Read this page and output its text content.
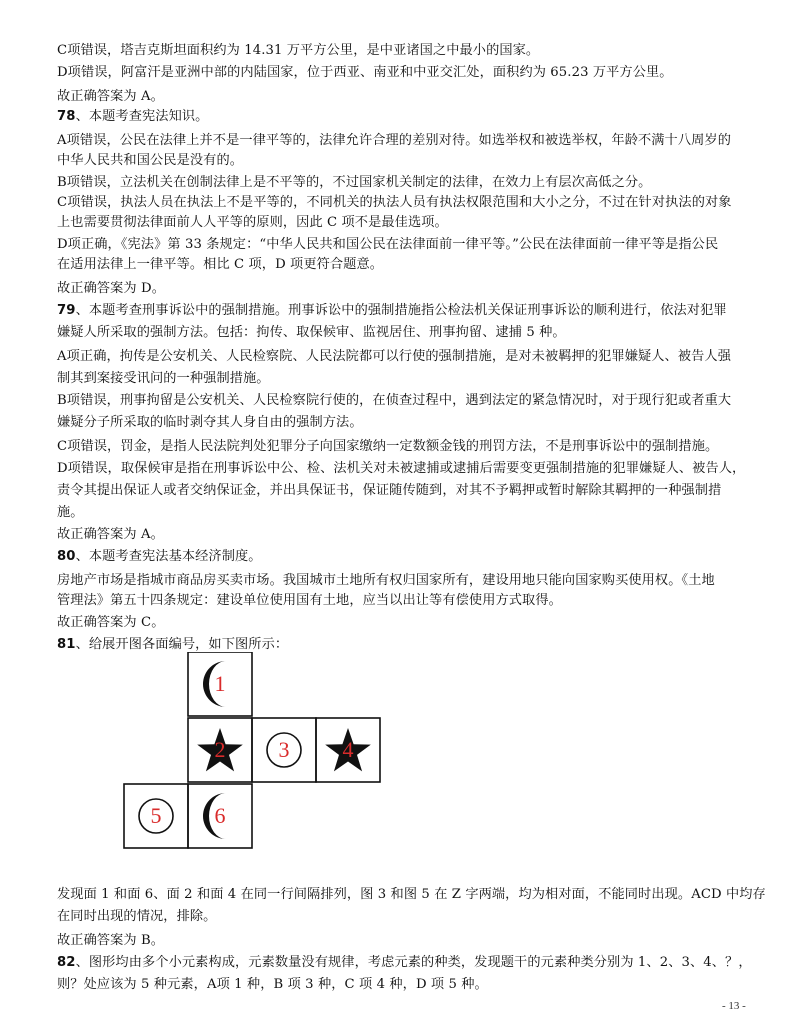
C项错误，塔吉克斯坦面积约为 14.31 万平方公里，是中亚诸国之中最小的国家。
D项错误，阿富汗是亚洲中部的内陆国家，位于西亚、南亚和中亚交汇处，面积约为 65.23 万平方公里。
故正确答案为 A。
78、本题考查宪法知识。
A项错误，公民在法律上并不是一律平等的，法律允许合理的差别对待。如选举权和被选举权，年龄不满十八周岁的
中华人民共和国公民是没有的。
B项错误，立法机关在创制法律上是不平等的，不过国家机关制定的法律，在效力上有层次高低之分。
C项错误，执法人员在执法上不是平等的，不同机关的执法人员有执法权限范围和大小之分，不过在针对执法的对象
上也需要贯彻法律面前人人平等的原则，因此 C 项不是最佳选项。
D项正确，《宪法》第 33 条规定：“中华人民共和国公民在法律面前一律平等。”公民在法律面前一律平等是指公民
在适用法律上一律平等。相比 C 项，D 项更符合题意。
故正确答案为 D。
79、本题考查刑事诉讼中的强制措施。刑事诉讼中的强制措施指公检法机关保证刑事诉讼的顺利进行，依法对犯罪
嫌疑人所采取的强制方法。包括：拘传、取保候审、监视居住、刑事拘留、逮捕 5 种。
A项正确，拘传是公安机关、人民检察院、人民法院都可以行使的强制措施，是对未被羁押的犯罪嫌疑人、被告人强
制其到案接受讯问的一种强制措施。
B项错误，刑事拘留是公安机关、人民检察院行使的，在侦查过程中，遇到法定的紧急情况时，对于现行犯或者重大
嫌疑分子所采取的临时剥夺其人身自由的强制方法。
C项错误，罚金，是指人民法院判处犯罪分子向国家缴纳一定数额金钱的刑罚方法，不是刑事诉讼中的强制措施。
D项错误，取保候审是指在刑事诉讼中公、检、法机关对未被逮捕或逮捕后需要变更强制措施的犯罪嫌疑人、被告人，
责令其提出保证人或者交纳保证金，并出具保证书，保证随传随到，对其不予羁押或暂时解除其羁押的一种强制措
施。
故正确答案为 A。
80、本题考查宪法基本经济制度。
房地产市场是指城市商品房买卖市场。我国城市土地所有权归国家所有，建设用地只能向国家购买使用权。《土地
管理法》第五十四条规定：建设单位使用国有土地，应当以出让等有偿使用方式取得。
故正确答案为 C。
81、给展开图各面编号，如下图所示：
发现面 1 和面 6、面 2 和面 4 在同一行间隔排列，图 3 和图 5 在 Z 字两端，均为相对面，不能同时出现。ACD 中均存
在同时出现的情况，排除。
故正确答案为 B。
82、图形均由多个小元素构成，元素数量没有规律，考虑元素的种类，发现题干的元素种类分别为 1、2、3、4、？，
则？处应该为 5 种元素，A项 1 种，B 项 3 种，C 项 4 种，D 项 5 种。
1
2 3 4
5 6
- 13 -
